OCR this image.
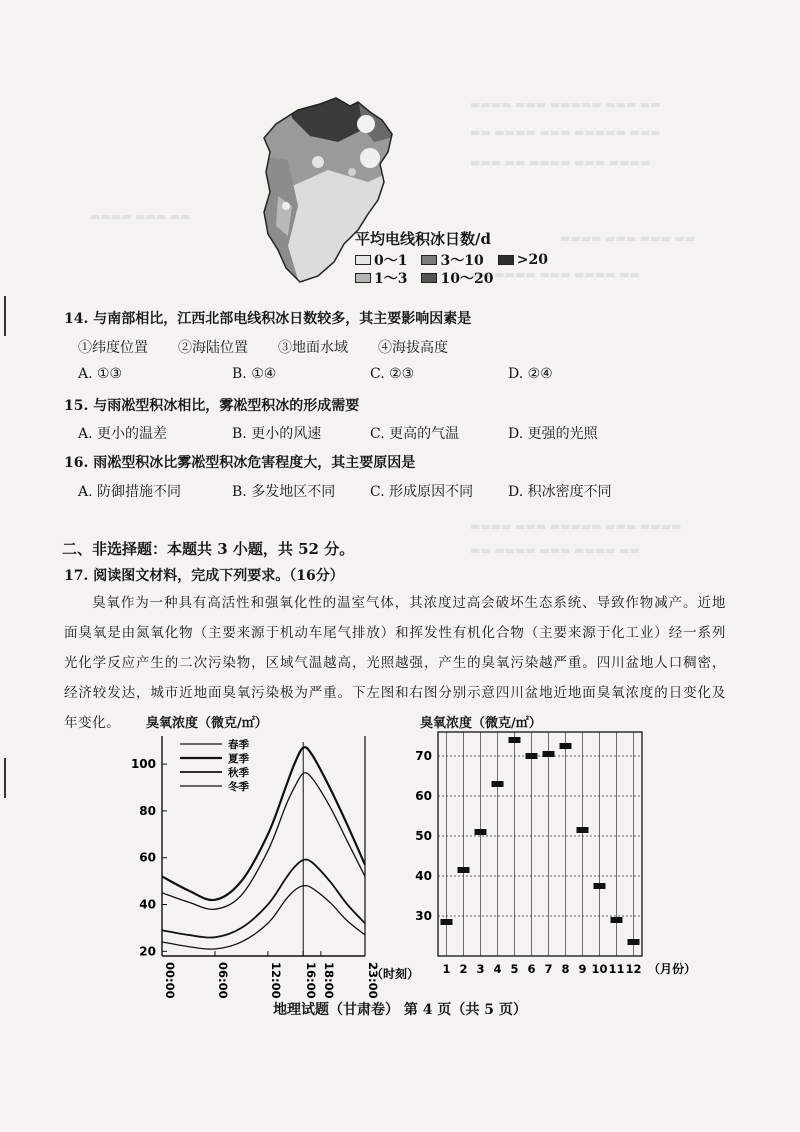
▬▬▬▬ ▬▬▬ ▬▬▬▬▬ ▬▬▬ ▬▬
▬▬ ▬▬▬▬ ▬▬▬ ▬▬▬▬▬ ▬▬▬
▬▬▬ ▬▬ ▬▬▬▬ ▬▬▬ ▬▬▬▬
▬▬▬▬ ▬▬▬ ▬▬
▬▬▬▬ ▬▬▬ ▬▬▬ ▬▬
▬▬ ▬▬▬▬ ▬▬▬ ▬▬▬▬ ▬▬
▬▬▬▬ ▬▬▬ ▬▬▬▬▬ ▬▬▬ ▬▬▬▬
▬▬ ▬▬▬▬ ▬▬▬ ▬▬▬▬ ▬▬
平均电线积冰日数/d
0～1 3～10 >20
1～3 10～20
14. 与南部相比，江西北部电线积冰日数较多，其主要影响因素是
①纬度位置 ②海陆位置 ③地面水域 ④海拔高度
A. ①③	B. ①④	C. ②③	D. ②④
15. 与雨凇型积冰相比，雾凇型积冰的形成需要
A. 更小的温差	B. 更小的风速	C. 更高的气温	D. 更强的光照
16. 雨凇型积冰比雾凇型积冰危害程度大，其主要原因是
A. 防御措施不同	B. 多发地区不同 C. 形成原因不同 D. 积冰密度不同
二、非选择题：本题共 3 小题，共 52 分。
17. 阅读图文材料，完成下列要求。（16分）
臭氧作为一种具有高活性和强氧化性的温室气体，其浓度过高会破坏生态系统、导致作物减产。近地面臭氧是由氮氧化物（主要来源于机动车尾气排放）和挥发性有机化合物（主要来源于化工业）经一系列光化学反应产生的二次污染物，区域气温越高，光照越强，产生的臭氧污染越严重。四川盆地人口稠密，经济较发达，城市近地面臭氧污染极为严重。下左图和右图分别示意四川盆地近地面臭氧浓度的日变化及年变化。	臭氧浓度（微克/㎡）
20
40
60
80
100
00:00	06:00	12:00 16:00 18:00	23:00
（时刻）
春季
夏季
秋季
冬季
臭氧浓度（微克/㎡）
30
40
50
60
70
1 2 3 4 5 6 7 8 9 10 11 12 （月份）
地理试题（甘肃卷） 第 4 页（共 5 页）
